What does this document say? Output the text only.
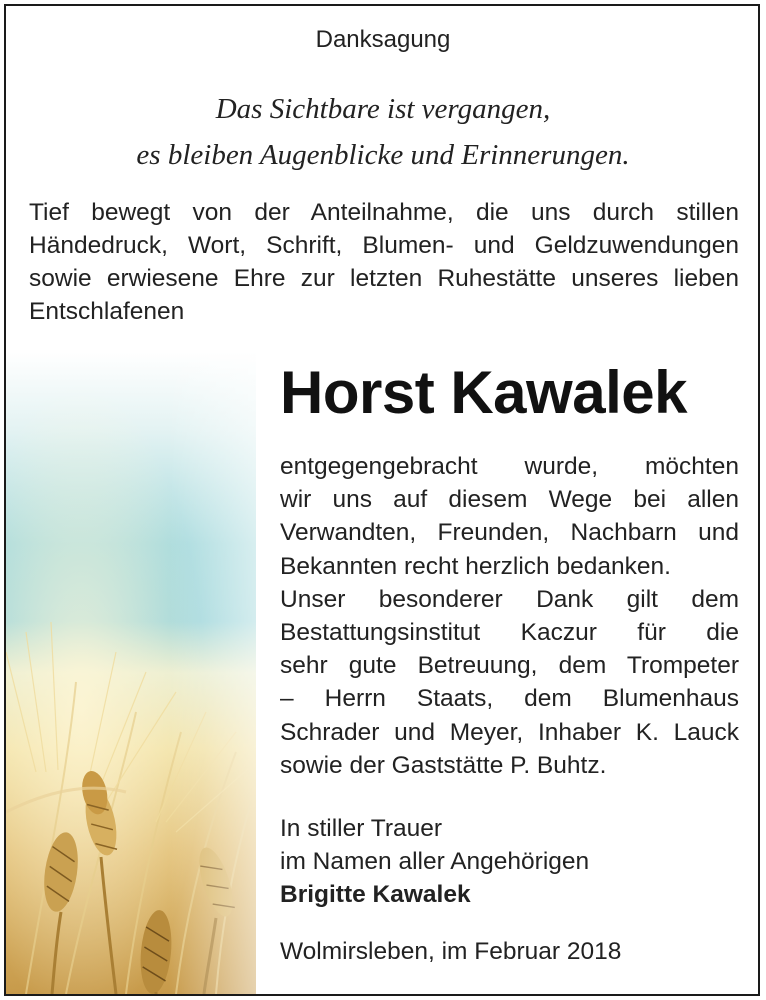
Danksagung
Das Sichtbare ist vergangen,
es bleiben Augenblicke und Erinnerungen.
Tief bewegt von der Anteilnahme, die uns durch stillen
Händedruck, Wort, Schrift, Blumen- und Geldzuwendungen
sowie erwiesene Ehre zur letzten Ruhestätte unseres lieben
Entschlafenen
Horst Kawalek
entgegengebracht wurde, möchten
wir uns auf diesem Wege bei allen
Verwandten, Freunden, Nachbarn und
Bekannten recht herzlich bedanken.
Unser besonderer Dank gilt dem
Bestattungsinstitut Kaczur für die
sehr gute Betreuung, dem Trompeter
– Herrn Staats, dem Blumenhaus
Schrader und Meyer, Inhaber K. Lauck
sowie der Gaststätte P. Buhtz.
In stiller Trauer
im Namen aller Angehörigen
Brigitte Kawalek
Wolmirsleben, im Februar 2018
